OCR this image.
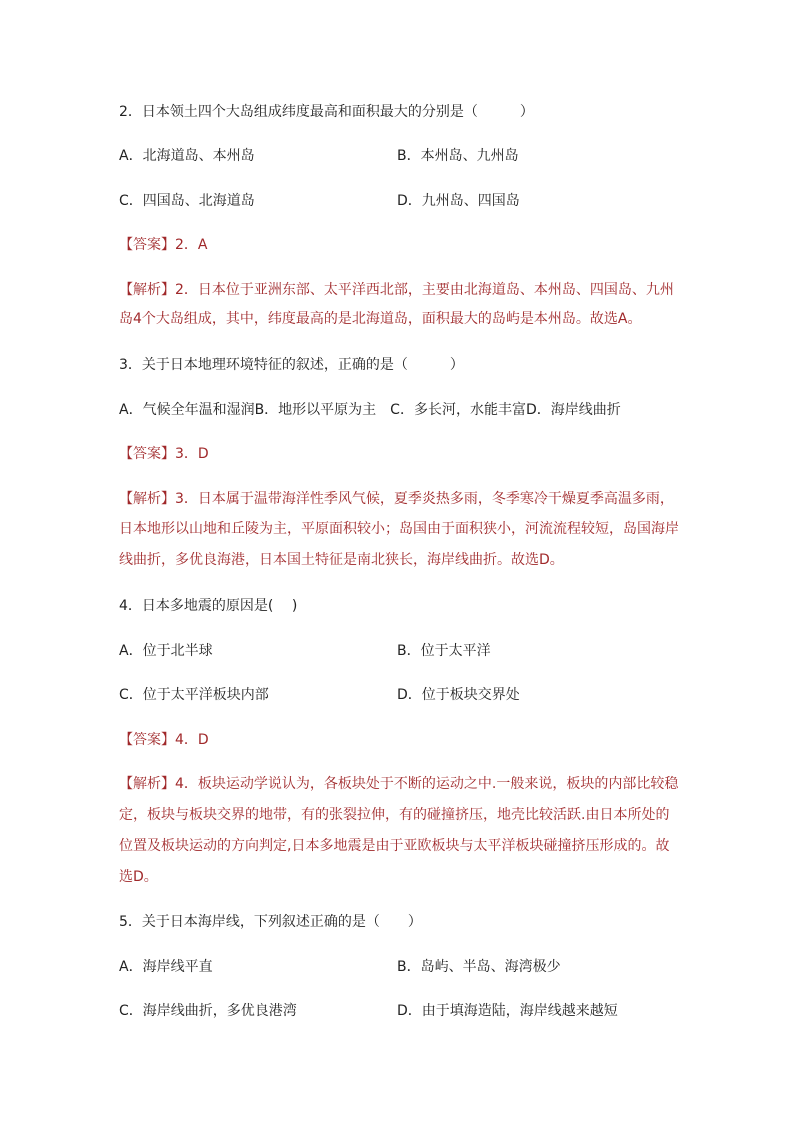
2．日本领土四个大岛组成纬度最高和面积最大的分别是（　　　）
A．北海道岛、本州岛	B．本州岛、九州岛
C．四国岛、北海道岛	D．九州岛、四国岛
【答案】2．A
【解析】2．日本位于亚洲东部、太平洋西北部，主要由北海道岛、本州岛、四国岛、九州
岛4个大岛组成，其中，纬度最高的是北海道岛，面积最大的岛屿是本州岛。故选A。
3．关于日本地理环境特征的叙述，正确的是（　　　）
A．气候全年温和湿润B．地形以平原为主　C．多长河，水能丰富D．海岸线曲折
【答案】3．D
【解析】3．日本属于温带海洋性季风气候，夏季炎热多雨，冬季寒冷干燥夏季高温多雨，
日本地形以山地和丘陵为主，平原面积较小；岛国由于面积狭小，河流流程较短，岛国海岸
线曲折，多优良海港，日本国土特征是南北狭长，海岸线曲折。故选D。
4．日本多地震的原因是(　 )
A．位于北半球	B．位于太平洋
C．位于太平洋板块内部	D．位于板块交界处
【答案】4．D
【解析】4．板块运动学说认为，各板块处于不断的运动之中.一般来说，板块的内部比较稳
定，板块与板块交界的地带，有的张裂拉伸，有的碰撞挤压，地壳比较活跃.由日本所处的
位置及板块运动的方向判定,日本多地震是由于亚欧板块与太平洋板块碰撞挤压形成的。故
选D。
5．关于日本海岸线，下列叙述正确的是（　　）
A．海岸线平直	B．岛屿、半岛、海湾极少
C．海岸线曲折，多优良港湾	D．由于填海造陆，海岸线越来越短
